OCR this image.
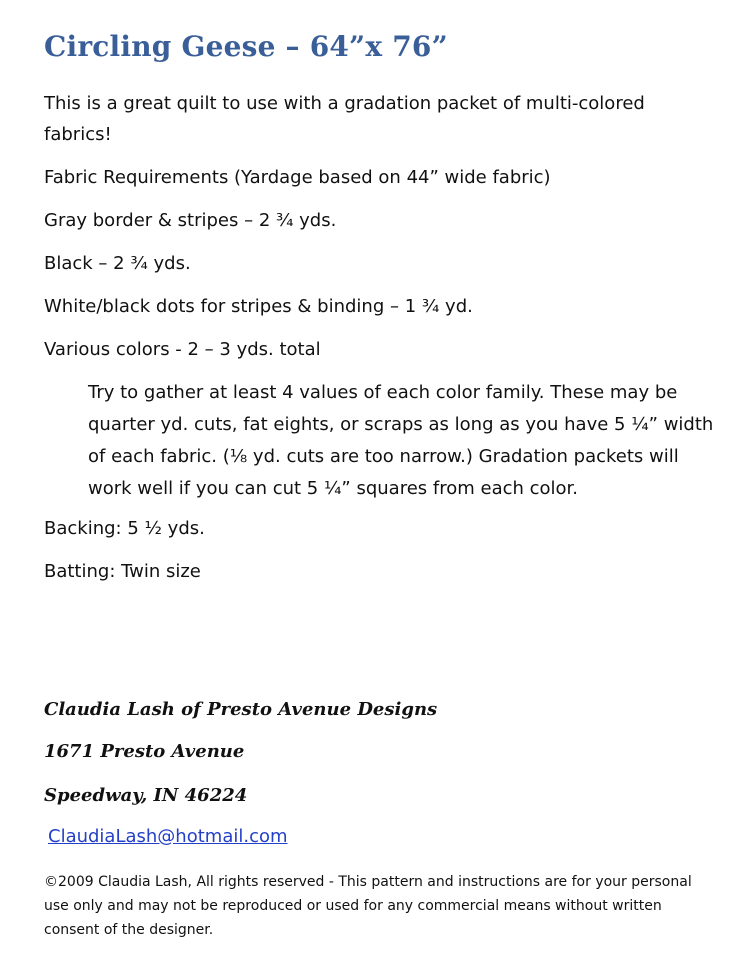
Circling Geese – 64”x 76”
This is a great quilt to use with a gradation packet of multi-colored
fabrics!
Fabric Requirements (Yardage based on 44” wide fabric)
Gray border & stripes – 2 ¾ yds.
Black – 2 ¾ yds.
White/black dots for stripes & binding – 1 ¾ yd.
Various colors - 2 – 3 yds. total
Try to gather at least 4 values of each color family. These may be
quarter yd. cuts, fat eights, or scraps as long as you have 5 ¼” width
of each fabric. (⅛ yd. cuts are too narrow.) Gradation packets will
work well if you can cut 5 ¼” squares from each color.
Backing: 5 ½ yds.
Batting: Twin size
Claudia Lash of Presto Avenue Designs
1671 Presto Avenue
Speedway, IN 46224
ClaudiaLash@hotmail.com
©2009 Claudia Lash, All rights reserved - This pattern and instructions are for your personal
use only and may not be reproduced or used for any commercial means without written
consent of the designer.
